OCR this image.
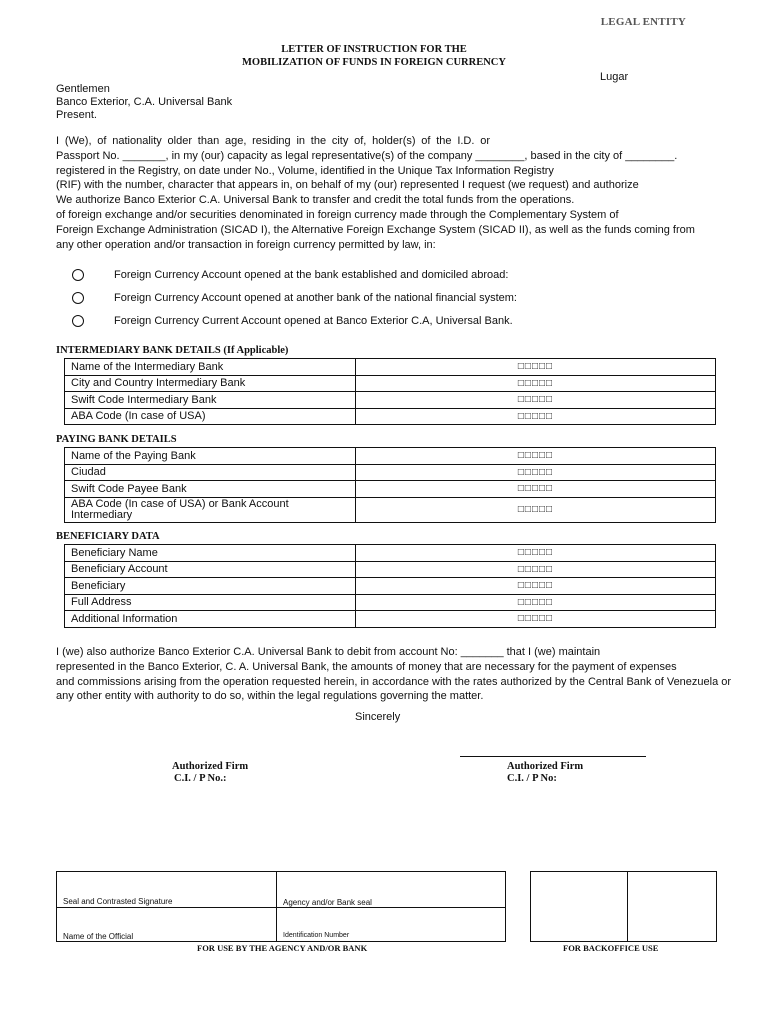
LEGAL ENTITY
LETTER OF INSTRUCTION FOR THE
MOBILIZATION OF FUNDS IN FOREIGN CURRENCY
Lugar
Gentlemen
Banco Exterior, C.A. Universal Bank
Present.
I (We), of nationality older than age, residing in the city of, holder(s) of the I.D. or
Passport No. _______, in my (our) capacity as legal representative(s) of the company ________, based in the city of ________.
registered in the Registry, on date under No., Volume, identified in the Unique Tax Information Registry
(RIF) with the number, character that appears in, on behalf of my (our) represented I request (we request) and authorize
We authorize Banco Exterior C.A. Universal Bank to transfer and credit the total funds from the operations.
of foreign exchange and/or securities denominated in foreign currency made through the Complementary System of
Foreign Exchange Administration (SICAD I), the Alternative Foreign Exchange System (SICAD II), as well as the funds coming from
any other operation and/or transaction in foreign currency permitted by law, in:
Foreign Currency Account opened at the bank established and domiciled abroad:
Foreign Currency Account opened at another bank of the national financial system:
Foreign Currency Current Account opened at Banco Exterior C.A, Universal Bank.
INTERMEDIARY BANK DETAILS (If Applicable)
Name of the Intermediary Bank	□□□□□
City and Country Intermediary Bank	□□□□□
Swift Code Intermediary Bank	□□□□□
ABA Code (In case of USA)	□□□□□
PAYING BANK DETAILS
Name of the Paying Bank	□□□□□
Ciudad	□□□□□
Swift Code Payee Bank	□□□□□

ABA Code (In case of USA) or Bank Account
Intermediary	□□□□□
BENEFICIARY DATA
Beneficiary Name	□□□□□
Beneficiary Account	□□□□□
Beneficiary	□□□□□
Full Address	□□□□□
Additional Information	□□□□□
I (we) also authorize Banco Exterior C.A. Universal Bank to debit from account No: _______ that I (we) maintain
represented in the Banco Exterior, C. A. Universal Bank, the amounts of money that are necessary for the payment of expenses
and commissions arising from the operation requested herein, in accordance with the rates authorized by the Central Bank of Venezuela or
any other entity with authority to do so, within the legal regulations governing the matter.
Sincerely
Authorized Firm
C.I. / P No.:
Authorized Firm
C.I. / P No:
Seal and Contrasted Signature	Agency and/or Bank seal
Name of the Official	Identification Number
FOR USE BY THE AGENCY AND/OR BANK	FOR BACKOFFICE USE
